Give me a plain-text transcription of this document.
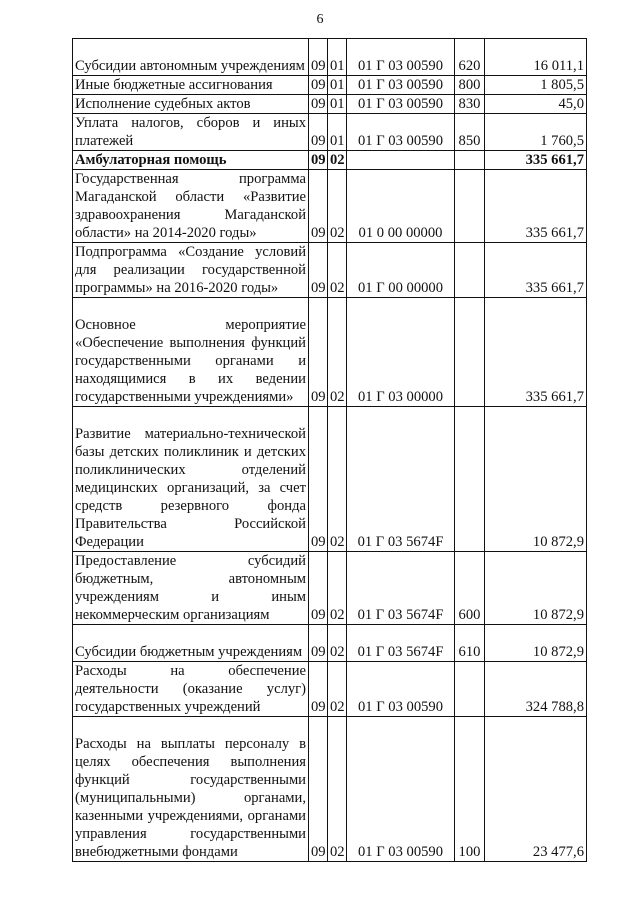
6
Субсидии автономным учреждениям	09	01	01 Г 03 00590	620	16 011,1
Иные бюджетные ассигнования	09	01	01 Г 03 00590	800	1 805,5
Исполнение судебных актов	09	01	01 Г 03 00590	830	45,0
Уплата налогов, сборов и иных платежей	09	01	01 Г 03 00590	850	1 760,5
Амбулаторная помощь	09	02			335 661,7
Государственная программа Магаданской области «Развитие здравоохранения Магаданской области» на 2014-2020 годы»	09	02	01 0 00 00000		335 661,7
Подпрограмма «Создание условий для реализации государственной программы» на 2016-2020 годы»	09	02	01 Г 00 00000		335 661,7
Основное мероприятие «Обеспечение выполнения функций государственными органами и находящимися в их ведении государственными учреждениями»	09	02	01 Г 03 00000		335 661,7
Развитие материально-технической базы детских поликлиник и детских поликлинических отделений медицинских организаций, за счет средств резервного фонда Правительства Российской Федерации	09	02	01 Г 03 5674F		10 872,9
Предоставление субсидий бюджетным, автономным учреждениям и иным некоммерческим организациям	09	02	01 Г 03 5674F	600	10 872,9
Субсидии бюджетным учреждениям	09	02	01 Г 03 5674F	610	10 872,9
Расходы на обеспечение деятельности (оказание услуг) государственных учреждений	09	02	01 Г 03 00590		324 788,8
Расходы на выплаты персоналу в целях обеспечения выполнения функций государственными (муниципальными) органами, казенными учреждениями, органами управления государственными внебюджетными фондами	09	02	01 Г 03 00590	100	23 477,6
